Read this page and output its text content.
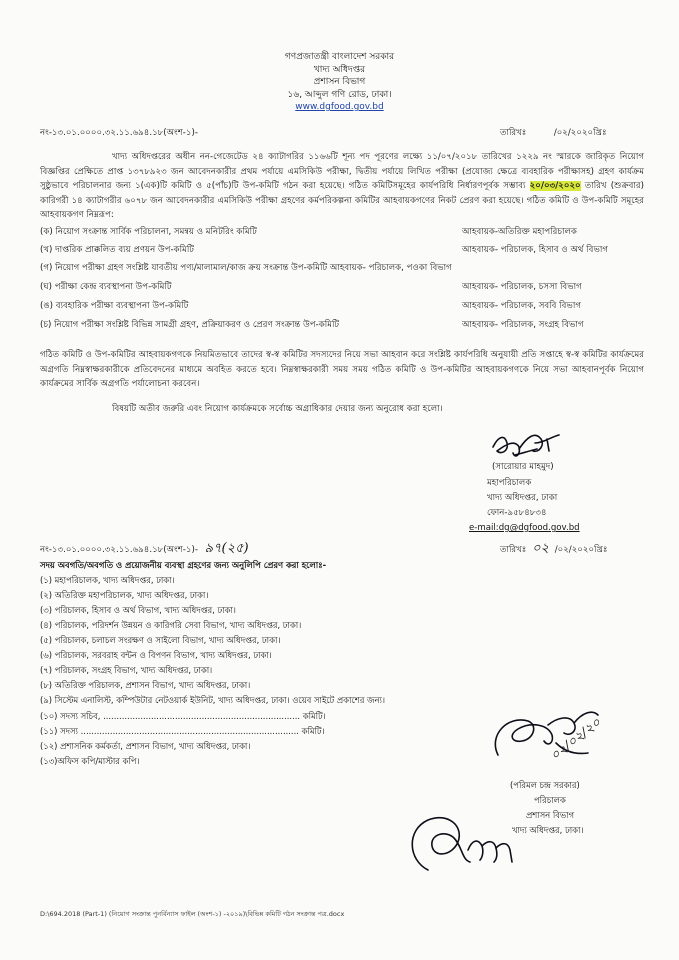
গণপ্রজাতন্ত্রী বাংলাদেশ সরকার
খাদ্য অধিদপ্তর
প্রশাসন বিভাগ
১৬, আব্দুল গণি রোড, ঢাকা।
www.dgfood.gov.bd
নং-১৩.০১.০০০০.৩২.১১.৬৯৪.১৮(অংশ-১)-	তারিখঃ	/০২/২০২০খ্রিঃ
খাদ্য অধিদপ্তরের অধীন নন-গেজেটেড ২৪ ক্যাটাগরির ১১৬৬টি শূন্য পদ পূরণের লক্ষ্যে ১১/০৭/২০১৮ তারিখের ১২২৯ নং স্মারকে জারিকৃত নিয়োগ বিজ্ঞপ্তির প্রেক্ষিতে প্রাপ্ত ১৩৭৮৯২৩ জন আবেদনকারীর প্রথম পর্যায়ে এমসিকিউ পরীক্ষা, দ্বিতীয় পর্যায়ে লিখিত পরীক্ষা (প্রযোজ্য ক্ষেত্রে ব্যবহারিক পরীক্ষাসহ) গ্রহণ কার্যক্রম সুষ্ঠুভাবে পরিচালনার জন্য ১(এক)টি কমিটি ও ৫(পাঁচ)টি উপ-কমিটি গঠন করা হয়েছে। গঠিত কমিটিসমূহের কার্যপরিধি নির্ধারণপূর্বক সম্ভাব্য ২০/০৩/২০২০ তারিখ (শুক্রবার) কারিগরী ১৪ ক্যাটাগরীর ৬০৭৮ জন আবেদনকারীর এমসিকিউ পরীক্ষা গ্রহণের কর্মপরিকল্পনা কমিটির আহবায়কগণের নিকট প্রেরণ করা হয়েছে। গঠিত কমিটি ও উপ-কমিটি সমূহের আহবায়কগণ নিম্নরূপ:
(ক) নিয়োগ সংক্রান্ত সার্বিক পরিচালনা, সমন্বয় ও মনিটরিং কমিটি	আহবায়ক-অতিরিক্ত মহাপরিচালক
(খ) দাপ্তরিক প্রাক্কলিত ব্যয় প্রণয়ন উপ-কমিটি	আহবায়ক- পরিচালক, হিসাব ও অর্থ বিভাগ
(গ) নিয়োগ পরীক্ষা গ্রহণ সংশ্লিষ্ট যাবতীয় পণ্য/মালামাল/কাজ ক্রয় সংক্রান্ত উপ-কমিটি আহবায়ক- পরিচালক, পওকা বিভাগ
(ঘ) পরীক্ষা কেন্দ্র ব্যবস্থাপনা উপ-কমিটি	আহবায়ক- পরিচালক, চসসা বিভাগ
(ঙ) ব্যবহারিক পরীক্ষা ব্যবস্থাপনা উপ-কমিটি	আহবায়ক- পরিচালক, সববি বিভাগ
(চ) নিয়োগ পরীক্ষা সংশ্লিষ্ট বিভিন্ন সামগ্রী গ্রহণ, প্রক্রিয়াকরণ ও প্রেরণ সংক্রান্ত উপ-কমিটি	আহবায়ক- পরিচালক, সংগ্রহ বিভাগ
গঠিত কমিটি ও উপ-কমিটির আহবায়কগণকে নিয়মিতভাবে তাদের স্ব-স্ব কমিটির সদস্যদের নিয়ে সভা আহবান করে সংশ্লিষ্ট কার্যপরিধি অনুযায়ী প্রতি সপ্তাহে স্ব-স্ব কমিটির কার্যক্রমের অগ্রগতি নিম্নস্বাক্ষরকারীকে প্রতিবেদনের মাধ্যমে অবহিত করতে হবে। নিম্নস্বাক্ষরকারী সময় সময় গঠিত কমিটি ও উপ-কমিটির আহবায়কগণকে নিয়ে সভা আহবানপূর্বক নিয়োগ কার্যক্রমের সার্বিক অগ্রগতি পর্যালোচনা করবেন।
বিষয়টি অতীব জরুরি এবং নিয়োগ কার্যক্রমকে সর্বোচ্চ অগ্রাধিকার দেয়ার জন্য অনুরোধ করা হলো।
(সারোয়ার মাহমুদ)
মহাপরিচালক
খাদ্য অধিদপ্তর, ঢাকা
ফোন-৯৫৮৪৮৩৪
e-mail:dg@dgfood.gov.bd
নং-১৩.০১.০০০০.৩২.১১.৬৯৪.১৮(অংশ-১)- ৯৭(২৫)	তারিখঃ ০২ /০২/২০২০খ্রিঃ
সদয় অবগতি/অবগতি ও প্রয়োজনীয় ব্যবস্থা গ্রহণের জন্য অনুলিপি প্রেরণ করা হলোঃ-
(১) মহাপরিচালক, খাদ্য অধিদপ্তর, ঢাকা।
(২) অতিরিক্ত মহাপরিচালক, খাদ্য অধিদপ্তর, ঢাকা।
(৩) পরিচালক, হিসাব ও অর্থ বিভাগ, খাদ্য অধিদপ্তর, ঢাকা।
(৪) পরিচালক, পরিদর্শন উন্নয়ন ও কারিগরি সেবা বিভাগ, খাদ্য অধিদপ্তর, ঢাকা।
(৫) পরিচালক, চলাচল সংরক্ষণ ও সাইলো বিভাগ, খাদ্য অধিদপ্তর, ঢাকা।
(৬) পরিচালক, সরবরাহ বন্টন ও বিপণন বিভাগ, খাদ্য অধিদপ্তর, ঢাকা।
(৭) পরিচালক, সংগ্রহ বিভাগ, খাদ্য অধিদপ্তর, ঢাকা।
(৮) অতিরিক্ত পরিচালক, প্রশাসন বিভাগ, খাদ্য অধিদপ্তর, ঢাকা।
(৯) সিস্টেম এনালিস্ট, কম্পিউটার নেটওয়ার্ক ইউনিট, খাদ্য অধিদপ্তর, ঢাকা। ওয়েব সাইটে প্রকাশের জন্য।
(১০) সদস্য সচিব, .......................................................................... কমিটি।
(১১) সদস্য .................................................................................. কমিটি।
(১২) প্রশাসনিক কর্মকর্তা, প্রশাসন বিভাগ, খাদ্য অধিদপ্তর, ঢাকা।
(১৩)অফিস কপি/মাস্টার কপি।	০২/০২/২০
(পরিমল চন্দ্র সরকার)
পরিচালক
প্রশাসন বিভাগ
খাদ্য অধিদপ্তর, ঢাকা।
D:\694.2018 (Part-1) (নিয়োগ সংক্রান্ত পুনর্বিন্যাস ফাইল (অংশ-১) -২০১৯)\বিভিন্ন কমিটি গঠন সংক্রান্ত পত্র.docx
